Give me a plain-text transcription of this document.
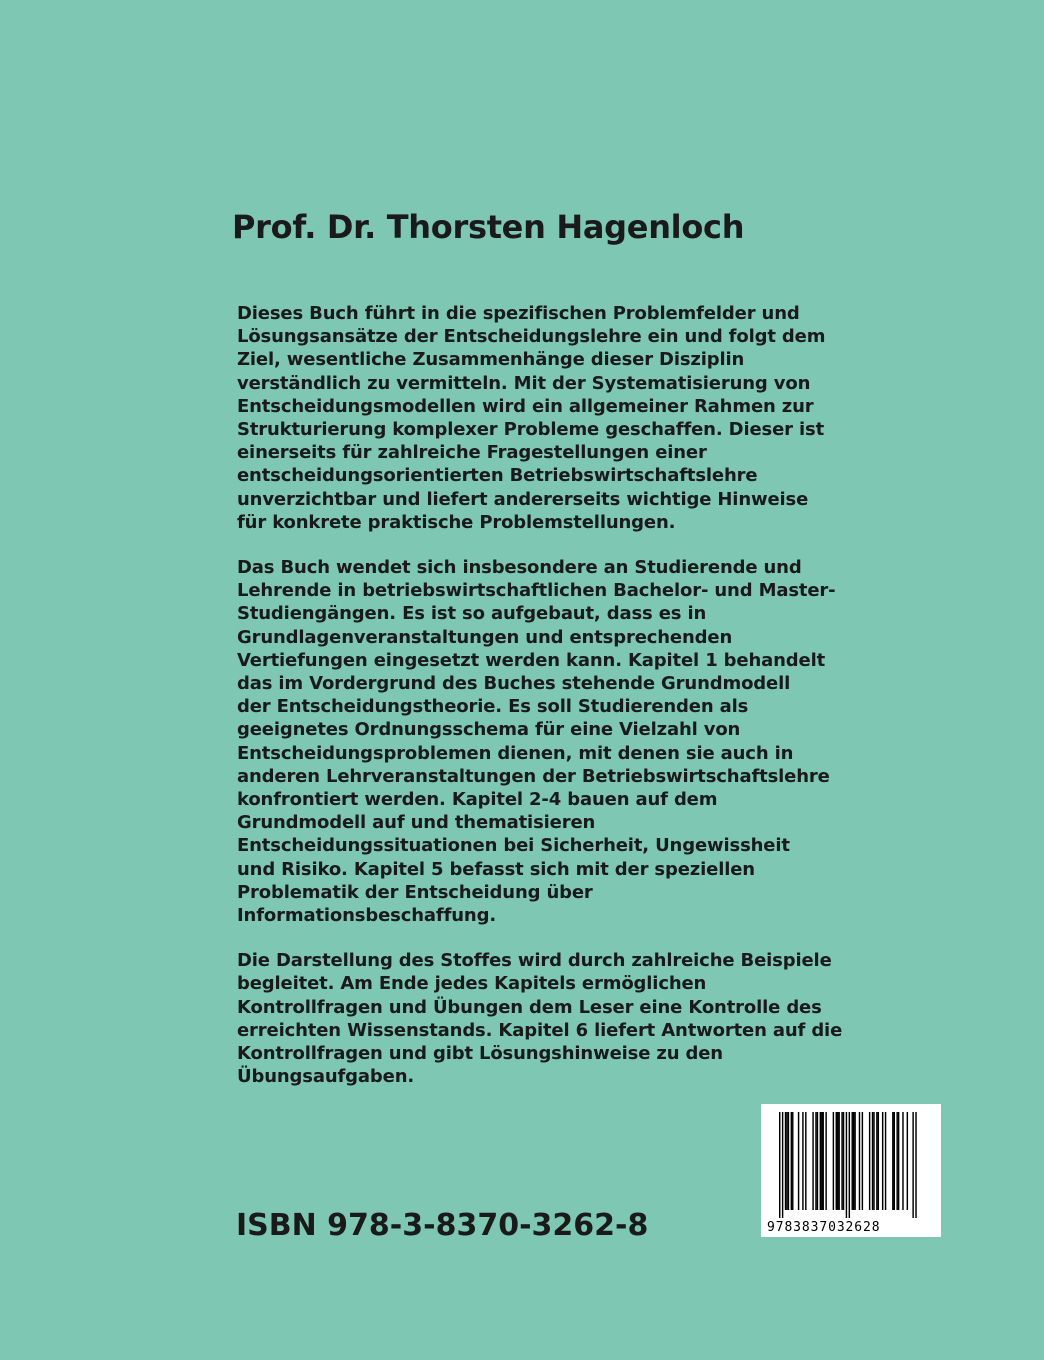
Prof. Dr. Thorsten Hagenloch

Dieses Buch führt in die spezifischen Problemfelder und
Lösungsansätze der Entscheidungslehre ein und folgt dem
Ziel, wesentliche Zusammenhänge dieser Disziplin
verständlich zu vermitteln. Mit der Systematisierung von
Entscheidungsmodellen wird ein allgemeiner Rahmen zur
Strukturierung komplexer Probleme geschaffen. Dieser ist
einerseits für zahlreiche Fragestellungen einer
entscheidungsorientierten Betriebswirtschaftslehre
unverzichtbar und liefert andererseits wichtige Hinweise
für konkrete praktische Problemstellungen.

Das Buch wendet sich insbesondere an Studierende und
Lehrende in betriebswirtschaftlichen Bachelor- und Master-
Studiengängen. Es ist so aufgebaut, dass es in
Grundlagenveranstaltungen und entsprechenden
Vertiefungen eingesetzt werden kann. Kapitel 1 behandelt
das im Vordergrund des Buches stehende Grundmodell
der Entscheidungstheorie. Es soll Studierenden als
geeignetes Ordnungsschema für eine Vielzahl von
Entscheidungsproblemen dienen, mit denen sie auch in
anderen Lehrveranstaltungen der Betriebswirtschaftslehre
konfrontiert werden. Kapitel 2-4 bauen auf dem
Grundmodell auf und thematisieren
Entscheidungssituationen bei Sicherheit, Ungewissheit
und Risiko. Kapitel 5 befasst sich mit der speziellen
Problematik der Entscheidung über
Informationsbeschaffung.

Die Darstellung des Stoffes wird durch zahlreiche Beispiele
begleitet. Am Ende jedes Kapitels ermöglichen
Kontrollfragen und Übungen dem Leser eine Kontrolle des
erreichten Wissenstands. Kapitel 6 liefert Antworten auf die
Kontrollfragen und gibt Lösungshinweise zu den
Übungsaufgaben.

ISBN 978-3-8370-3262-8	9783837032628
